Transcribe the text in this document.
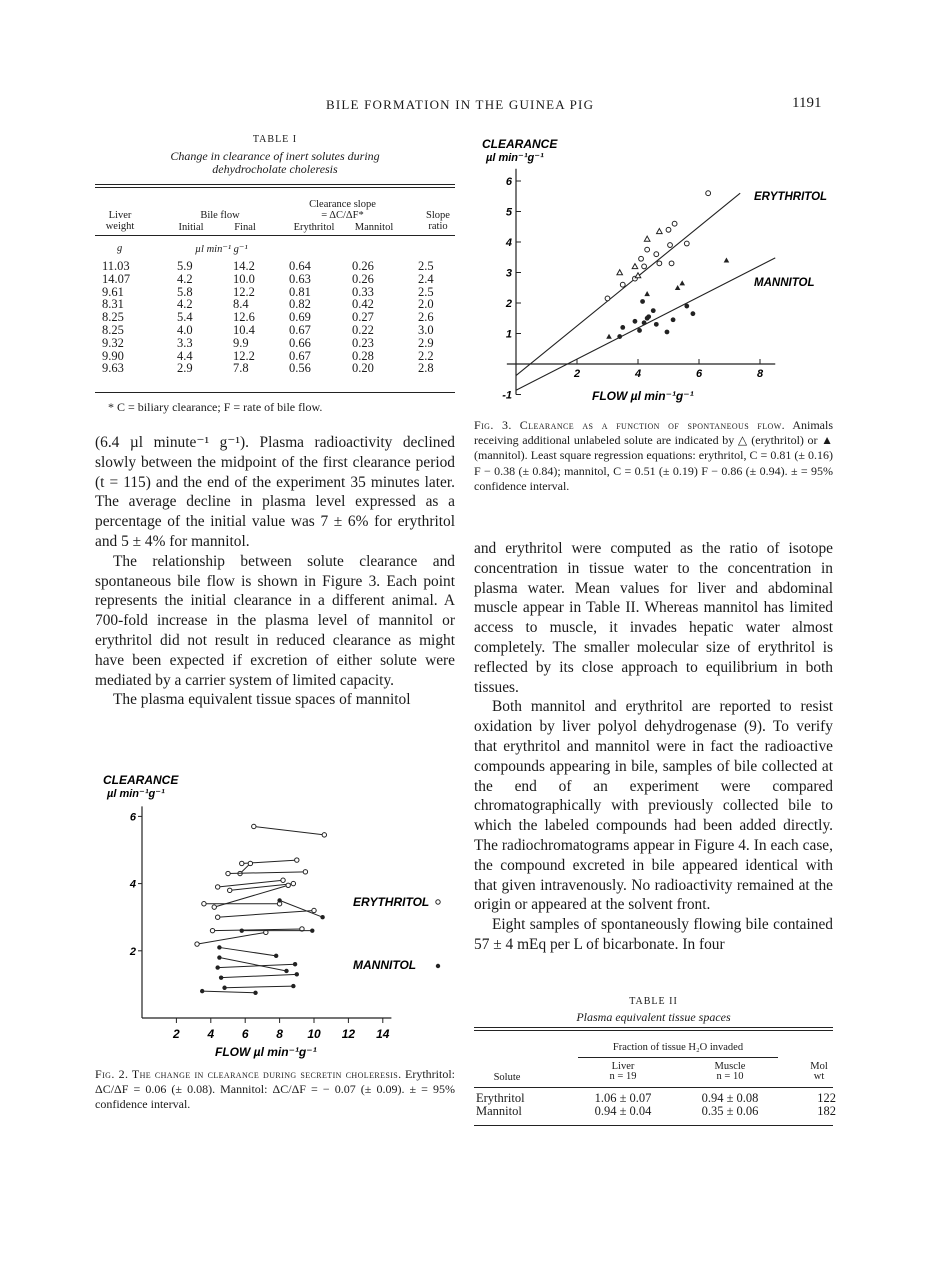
BILE FORMATION IN THE GUINEA PIG	1191
TABLE I
Change in clearance of inert solutes during
dehydrocholate choleresis
Liver
weight
Bile flow
Initial	Final
Clearance slope
= ΔC/ΔF*
Erythritol	Mannitol
Slope
ratio
g	µl min⁻¹ g⁻¹
11.03	5.9	14.2	0.64	0.26	2.5
14.07	4.2	10.0	0.63	0.26	2.4
9.61	5.8	12.2	0.81	0.33	2.5
8.31	4.2	8.4	0.82	0.42	2.0
8.25	5.4	12.6	0.69	0.27	2.6
8.25	4.0	10.4	0.67	0.22	3.0
9.32	3.3	9.9	0.66	0.23	2.9
9.90	4.4	12.2	0.67	0.28	2.2
9.63	2.9	7.8	0.56	0.20	2.8
* C = biliary clearance; F = rate of bile flow.

(6.4 µl minute⁻¹ g⁻¹). Plasma radioactivity declined slowly between the midpoint of the first clearance period (t = 115) and the end of the experiment 35 minutes later. The average decline in plasma level expressed as a percentage of the initial value was 7 ± 6% for erythritol and 5 ± 4% for mannitol.

The relationship between solute clearance and spontaneous bile flow is shown in Figure 3. Each point represents the initial clearance in a different animal. A 700-fold increase in the plasma level of mannitol or erythritol did not result in reduced clearance as might have been expected if excretion of either solute were mediated by a carrier system of limited capacity.

The plasma equivalent tissue spaces of mannitol

CLEARANCE
µl min⁻¹g⁻¹
-1
1
2
3
4
5
6
2	4	6	8
FLOW µl min⁻¹g⁻¹
ERYTHRITOL
MANNITOL
Fig. 3. Clearance as a function of spontaneous flow. Animals receiving additional unlabeled solute are indicated by △ (erythritol) or ▲ (mannitol). Least square regression equations: erythritol, C = 0.81 (± 0.16) F − 0.38 (± 0.84); mannitol, C = 0.51 (± 0.19) F − 0.86 (± 0.94). ± = 95% confidence interval.

and erythritol were computed as the ratio of isotope concentration in tissue water to the concentration in plasma water. Mean values for liver and abdominal muscle appear in Table II. Whereas mannitol has limited access to muscle, it invades hepatic water almost completely. The smaller molecular size of erythritol is reflected by its close approach to equilibrium in both tissues.

Both mannitol and erythritol are reported to resist oxidation by liver polyol dehydrogenase (9). To verify that erythritol and mannitol were in fact the radioactive compounds appearing in bile, samples of bile collected at the end of an experiment were compared chromatographically with previously collected bile to which the labeled compounds had been added directly. The radiochromatograms appear in Figure 4. In each case, the compound excreted in bile appeared identical with that given intravenously. No radioactivity remained at the origin or appeared at the solvent front.

Eight samples of spontaneously flowing bile contained 57 ± 4 mEq per L of bicarbonate. In four

CLEARANCE
µl min⁻¹g⁻¹
2
4
6
2 4 6 8 10 12 14
FLOW µl min⁻¹g⁻¹
ERYTHRITOL
MANNITOL
Fig. 2. The change in clearance during secretin choleresis. Erythritol: ΔC/ΔF = 0.06 (± 0.08). Mannitol: ΔC/ΔF = − 0.07 (± 0.09). ± = 95% confidence interval.
TABLE II
Plasma equivalent tissue spaces
Fraction of tissue H₂O invaded
Solute
Liver
n = 19
Muscle
n = 10
Mol
wt
Erythritol	1.06 ± 0.07	0.94 ± 0.08	122
Mannitol	0.94 ± 0.04	0.35 ± 0.06	182
